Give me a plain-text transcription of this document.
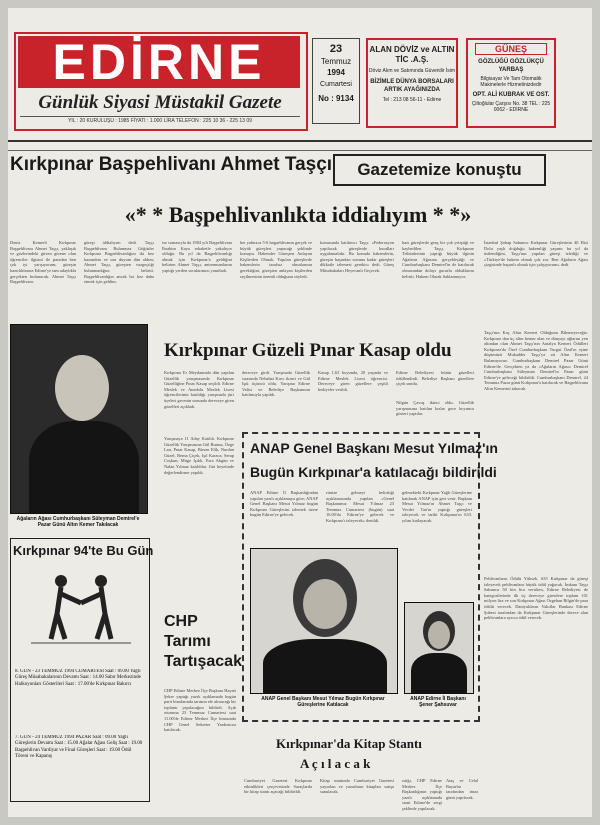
EDİRNE
Günlük Siyasi Müstakil Gazete
YIL : 20 KURULUŞU : 1985 FİYATI : 1.000 LİRA TELEFON : 225 10 36 - 225 13 09
23
Temmuz
1994
Cumartesi
No : 9134
ALAN DÖVİZ ve ALTIN TİC .A.Ş.
Döviz Alım ve Satımında Güvenilir İsim
BİZİMLE DÜNYA BORSALARI ARTIK AYAĞINIZDA
Tel : 213 08 56-11 - Edirne
GÜNEŞ
GÖZLÜĞÜ GÖZLÜKÇÜ YARBAŞ
Bilgisayar Ve Tam Otomatik Makinelerle Hizmetinizdedir
OPT. ALİ KUBRAK VE OST.
Çiltoğlular Çarşısı No. 38 TEL : 225 0062 - EDİRNE
Kırkpınar Başpehlivanı Ahmet Taşçı	Gazetemize konuştu
«* * Başpehlivanlıkta iddialıyım * *»
Deniz Kemerli Kırkpınar Başpehlivanı Ahmet Taşçı, yaklaşık ve gözlerindeki güven görene olan öğrenciler ilgisini ile paradan ben çok iyi yarışıyorum; güreşin hazırlıklarına Edirne'ye tam adaylıkla gerçekten bulunacak. Ahmet Taşçı Başpehlivanı.
güreşi iddialıyım dedi. Taşçı Başpehlivanı Bulunmaz Göğüsler Kırkpınar Başpehlivanlığını iki kez kazandım ve son duyum dün aldım; Ahmet Taşçı, güreşten vazgeçtiği bulunmadığını belirtti. Başpehlivanlığın ancak bir kez daha etmek için geldim.
ise sonrasıyla da 1984 yılı Başpehlivanı İbrahim Kaya rekabetle yakalıyor olduğu. Bu yıl da Başpehlivanlığı almak için Kırkpınar'a geldiğini belirten Ahmet Taşçı, antrenmanlarını yaptığı yerden sorularımızı yanıtladı.
her yalnızca 5-6 başpehlivanın gerçek ve büyük güreşleri yapacağı şeklinde konuştu. Hakemler Güreşten Anlayan Kişilerden Olmalı. Yapılan güreşlerde hakemlerin tarafsız olmalarının gerektiğini, güreşten anlayan kişilerden seçilmesinin önemli olduğunu söyledi.
konusunda katılımcı Taşçı: «Federasyon yapılacak güreşlerde kuralları uygulamalıdır. Bu konuda hakemlerin, güreşin başından sonuna kadar güreşleri dikkatle izlemesi gerekir» dedi. Güreş Müsabakaları Heyecanlı Geçecek.
bazı güreşlerde genç bir çok yetiştiği ve kaybedilen Taşçı, Kırkpınar Tribünlerinin yaptığı büyük ilginin Ağaların Ağasına gerçekleştiği ve Cumhurbaşkanı Demirel'in de katılacak olmasından dolayı gururlu olduklarını belirtti. Hakem Olarak Saklanmıyor.
İstanbul Şahap Sabuncu Kırkpınar Güreşlerinin 40 Ekti Dolu yaşlı doğduğu hakemliği yaşamı bu yıl da üstlendiğini, Taşçı'nın yapılan güreşi izlediği ve «Türkiye'de hakem olmak çok zor. Ben Ağaların Ağası çizgisinde başarılı olmak için çalışıyorum» dedi.
Ağaların Ağası Cumhurbaşkanı Süleyman Demirel'e Pazar Günü Altın Kemer Takılacak
Kırkpınar 94'te Bu Gün
8. GÜN - 23 TEMMUZ 1994 CUMARTESİ Saat : 09.00 Yağlı Güreş Müsabakalarının Devamı Saat : 14.00 Sabır Merkezinde Halkoyunları Gösterileri Saat : 17.00'de Kırkpınar Bakırcı
7. GÜN - 24 TEMMUZ 1994 PAZAR Saat : 09.00 Yağlı Güreşlerin Devamı Saat : 15.00 Ağalar Ağası Geliş Saat : 19.00 Başpehlivan Vardiyat ve Final Güreşleri Saat : 19.00 Ödül Töreni ve Kapanış
Kırkpınar Güzeli Pınar Kasap oldu
Kırkpınar Er Meydanında dün yapılan Güzellik yarışmasında Kırkpınar Güzelliğine Pınar Kasap seçildi. Edirne Meslek ve Anadolu Meslek Lisesi öğrencilerinin katıldığı yarışmada jüri üyeleri gecenin sonunda dereceye giren güzelleri açıkladı.
dereceye girdi. Yarışmada Güzellik sırasında Nebahat Kırcı ikinci ve Gül Işık üçüncü oldu. Yarışma Edirne Valisi ve Belediye Başkanının katılımıyla yapıldı.
Kasap 1,63 boyunda, 20 yaşında ve Edirne Meslek Lisesi öğrencisi. Dereceye giren güzellere çeşitli hediyeler verildi.
Edirne Belediyesi bütün güzelleri ödüllendirdi. Belediye Başkanı güzellere çiçek sundu.
Nilgün Çavuş ikinci oldu. Güzellik yarışmasına katılan kızlar gece boyunca gösteri yaptılar.
Yarışmaya 11 Aday Katıldı. Kırkpınar Güzellik Yarışmasına Gül Burma, Özge Lan, Pınar Kasap, Birsen Elik, Nurdan Güzel, Berna Çiçek, Işıl Karaca, Serap Coşkun, Müge Işıklı, Esra Akgün ve Nalan Yılmaz katıldılar. Jüri heyetinde değerlendirme yapıldı.
CHP
Tarımı
Tartışacak
CHP Edirne Merkez İlçe Başkanı Hayati Şeker yaptığı yazılı açıklamada bugün parti binalarında tarımın ele alınacağı bir toplantı yapılacağını bildirdi. Açık oturuma 23 Temmuz Cumartesi saat 11.00'de Edirne Merkez İlçe binasında CHP Genel Sekreter Yardımcısı katılacak.
ANAP Genel Başkanı Mesut Yılmaz'ın
Bugün Kırkpınar'a katılacağı bildirildi
ANAP Edirne İl Başkanlığından yapılan yazılı açıklamaya göre; ANAP Genel Başkanı Mesut Yılmaz bugün Kırkpınar Güreşlerini izlemek üzere bugün Edirne'ye gelecek.
rimize gelmeyi belirttiği açıklamasında yapılan «Genel Başkanımız Mesut Yılmaz 23 Temmuz Cumartesi (bugün) saat 16.00'da Edirne'ye gelecek ve Kırkpınar'ı izleyecek» denildi.
gelmekteki Kırkpınar Yağlı Güreşlerine katılarak ANAP için geri verir. Başkanı Mesut Yılmaz'ın Ahmet Taşçı ve Vecdet Tan'ın yaptığı güreşleri izleyecek ve tarihi Kırkpınar'ın 633. yılını kutlayacak.
ANAP Genel Başkanı Mesut Yılmaz Bugün Kırkpınar Güreşlerine Katılacak
ANAP Edirne İl Başkanı Şener Şahsuvar
Kırkpınar'da Kitap Stantı
A ç ı l a c a k
Cumhuriyet Gazetesi Kırkpınar etkinlikleri çerçevesinde Saraçlarda bir kitap stantı açacağı bildirildi.
Kitap stantında Cumhuriyet Gazetesi yayınları ve yazarların kitapları satışa sunulacak.
ıstiğı, CHP Edirne Merkez İlçe Başkanlığının yaptığı yazılı açıklamada stant Edirne'de sergi şeklinde yapılacak.
Ataş ve Celal Bayarlar tarafından imza günü yapılacak.
Taşçı'nın Kaç Altın Kemeri Olduğunu Bilemeyeceğiz. Kırkpınar dan üç altın kemer alan ve dünyayı ağlarını yen altından olan Ahmet Taşçı'nın Antalya Kemeri Ödülleri Kırkpınar'da Özel Cumhurbaşkanı Turgut Özal'ın eşine düşümüzü Mukadder Taşçı'ya ait Altın Kemeri Bulamıyoruz. Cumhurbaşkanı Demirel Pazar Günü Edirne'de. Gerçekten ya da «Ağaların Ağası» Demirel Cumhurbaşkanı Süleyman Demirel'in Pazar günü Edirne'ye geleceği bildirildi. Cumhurbaşkanı Demirel, 24 Temmuz Pazar günü Kırkpınar'a katılacak ve Başpehlivana Altın Kemerini takacak.
Pehlivanların Ödülü Yüksek. 635 Kırkpınar da güreşi izleyecek pehlivanlara büyük ödül yağacak. İmkanı Taşçı Sabuncu 50 bin lira verirken, Edirne Belediyesi de kategorilerinde ilk üç dereceye girenlere toplam 101 milyon lira ve son Kırkpınar Ağası Ozgehan Bilgin'de para ödülü verecek. Daniyalıların Vakıflar Bankası Edirne Şubesi tarafından da Kırkpınar Güreşlerinde derece alan pehlivanlara ayrıca ödül verecek.
